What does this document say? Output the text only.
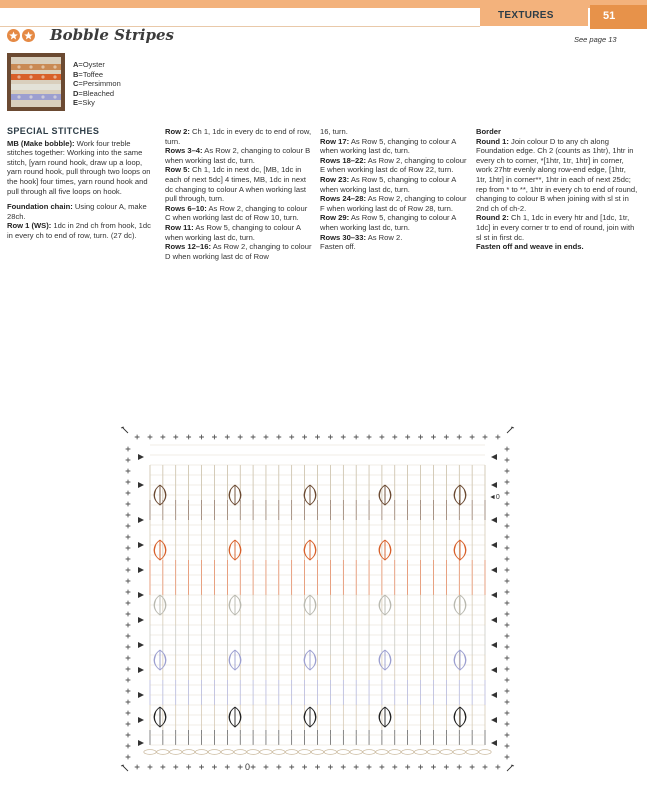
TEXTURES	51
Bobble Stripes	See page 13
A=Oyster
B=Toffee
C=Persimmon
D=Bleached
E=Sky

SPECIAL STITCHES

MB (Make bobble): Work four treble stitches together: Working into the same stitch, [yarn round hook, draw up a loop, yarn round hook, pull through two loops on the hook] four times, yarn round hook and pull through all five loops on hook.

Foundation chain: Using colour A, make 28ch.

Row 1 (WS): 1dc in 2nd ch from hook, 1dc in every ch to end of row, turn. (27 dc).

Row 2: Ch 1, 1dc in every dc to end of row, turn.

Rows 3–4: As Row 2, changing to colour B when working last dc, turn.

Row 5: Ch 1, 1dc in next dc, [MB, 1dc in each of next 5dc] 4 times, MB, 1dc in next dc changing to colour A when working last pull through, turn.

Rows 6–10: As Row 2, changing to colour C when working last dc of Row 10, turn.

Row 11: As Row 5, changing to colour A when working last dc, turn.

Rows 12–16: As Row 2, changing to colour D when working last dc of Row

16, turn.

Row 17: As Row 5, changing to colour A when working last dc, turn.

Rows 18–22: As Row 2, changing to colour E when working last dc of Row 22, turn.

Row 23: As Row 5, changing to colour A when working last dc, turn.

Rows 24–28: As Row 2, changing to colour F when working last dc of Row 28, turn.

Row 29: As Row 5, changing to colour A when working last dc, turn.

Rows 30–33: As Row 2.

Fasten off.

Border

Round 1: Join colour D to any ch along Foundation edge. Ch 2 (counts as 1htr), 1htr in every ch to corner, *[1htr, 1tr, 1htr] in corner, work 27htr evenly along row-end edge, [1htr, 1tr, 1htr] in corner**, 1htr in each of next 25dc; rep from * to **, 1htr in every ch to end of round, changing to colour B when joining with sl st in 2nd ch of ch-2.

Round 2: Ch 1, 1dc in every htr and [1dc, 1tr, 1dc] in every corner tr to end of round, join with sl st in first dc.

Fasten off and weave in ends.

0
◄0
PassionForum.ru
